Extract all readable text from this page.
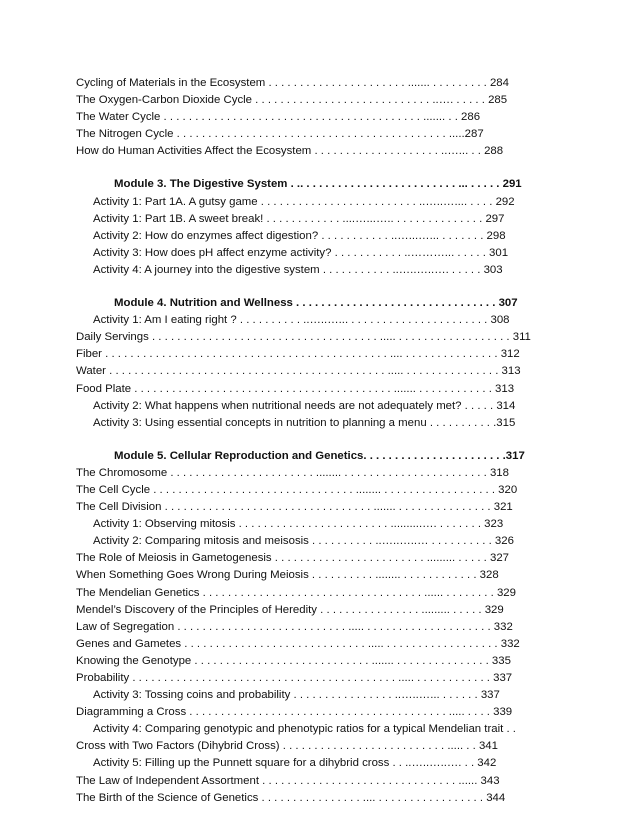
Cycling of Materials in the Ecosystem . . . . . . . . . . . . . . . . . . . . . . ....... . . . . . . . . . 284
The Oxygen-Carbon Dioxide Cycle . . . . . . . . . . . . . . . . . . . . . . . . . . . . ..…. . . . . . 285
The Water Cycle . . . . . . . . . . . . . . . . . . . . . . . . . . . . . . . . . . . . . . . . . ....... . . 286
The Nitrogen Cycle . . . . . . . . . . . . . . . . . . . . . . . . . . . . . . . . . . . . . . . . . . . .....287
How do Human Activities Affect the Ecosystem . . . . . . . . . . . . . . . . . . . . ..…... . . 288
Module 3. The Digestive System . .. . . . . . . . . . . . . . . . . . . . . . . . . ... . . . . . 291
Activity 1: Part 1A. A gutsy game . . . . . . . . . . . . . . . . . . . . . . . . . ..…..….... . . . . 292
Activity 1: Part 1B. A sweet break! . . . . . . . . . . . . ....…...….. . . . . . . . . . . . . . . 297
Activity 2: How do enzymes affect digestion? . . . . . . . . . . . ..…...…... . . . . . . . 298
Activity 3: How does pH affect enzyme activity? . . . . . . . . . . . ..………... . . . . . 301
Activity 4: A journey into the digestive system . . . . . . . . . . . ..…..…..…. . . . . . 303
Module 4. Nutrition and Wellness . . . . . . . . . . . . . . . . . . . . . . . . . . . . . . . . 307
Activity 1: Am I eating right ? . . . . . . . . . . ..…..…... . . . . . . . . . . . . . . . . . . . . . . 308
Daily Servings . . . . . . . . . . . . . . . . . . . . . . . . . . . . . . . . . . . . ..... . . . . . . . . . . . . . . . . . . 311
Fiber . . . . . . . . . . . . . . . . . . . . . . . . . . . . . . . . . . . . . . . . . . . . . .... . . . . . . . . . . . . . . . 312
Water . . . . . . . . . . . . . . . . . . . . . . . . . . . . . . . . . . . . . . . . . . . . ..... . . . . . . . . . . . . . . . 313
Food Plate . . . . . . . . . . . . . . . . . . . . . . . . . . . . . . . . . . . . . . . . . ....... . . . . . . . . . . . . 313
Activity 2: What happens when nutritional needs are not adequately met? . . . . . 314
Activity 3: Using essential concepts in nutrition to planning a menu . . . . . . . . . . .315
Module 5. Cellular Reproduction and Genetics. . . . . . . . . . . . . . . . . . . . . . .317
The Chromosome . . . . . . . . . . . . . . . . . . . . . . . ........ . . . . . . . . . . . . . . . . . . . . . . . 318
The Cell Cycle . . . . . . . . . . . . . . . . . . . . . . . . . . . . . . . . ........ . . . . . . . . . . . . . . . . . . 320
The Cell Division . . . . . . . . . . . . . . . . . . . . . . . . . . . . . . . . . ....... . . . . . . . . . . . . . . . 321
Activity 1: Observing mitosis . . . . . . . . . . . . . . . . . . . . . . . . ..........…. . . . . . . . 323
Activity 2: Comparing mitosis and meisosis . . . . . . . . . . ..…..…..… . . . . . . . . . . 326
The Role of Meiosis in Gametogenesis . . . . . . . . . . . . . . . . . . . . . . . . ......... . . . . . 327
When Something Goes Wrong During Meiosis . . . . . . . . . . ........ . . . . . . . . . . . . 328
The Mendelian Genetics . . . . . . . . . . . . . . . . . . . . . . . . . . . . . . . . . . . ...... . . . . . . . . 329
Mendel’s Discovery of the Principles of Heredity . . . . . . . . . . . . . . . . ......... . . . . . 329
Law of Segregation . . . . . . . . . . . . . . . . . . . . . . . . . . . ..... . . . . . . . . . . . . . . . . . . . . 332
Genes and Gametes . . . . . . . . . . . . . . . . . . . . . . . . . . . . . ..... . . . . . . . . . . . . . . . . . . 332
Knowing the Genotype . . . . . . . . . . . . . . . . . . . . . . . . . . . . ....... . . . . . . . . . . . . . . . 335
Probability . . . . . . . . . . . . . . . . . . . . . . . . . . . . . . . . . . . . . . . . . . ..... . . . . . . . . . . . . 337
Activity 3: Tossing coins and probability . . . . . . . . . . . . . . . . ..…..…... . . . . . . 337
Diagramming a Cross . . . . . . . . . . . . . . . . . . . . . . . . . . . . . . . . . . . . . . . . . ..... . . . . 339
Activity 4: Comparing genotypic and phenotypic ratios for a typical Mendelian trait . .
Cross with Two Factors (Dihybrid Cross) . . . . . . . . . . . . . . . . . . . . . . . . . . ..... . . 341
Activity 5: Filling up the Punnett square for a dihybrid cross . . ..…..…..…. . . 342
The Law of Independent Assortment . . . . . . . . . . . . . . . . . . . . . . . . . . . . . . . ...... 343
The Birth of the Science of Genetics . . . . . . . . . . . . . . . . .... . . . . . . . . . . . . . . . . . 344
